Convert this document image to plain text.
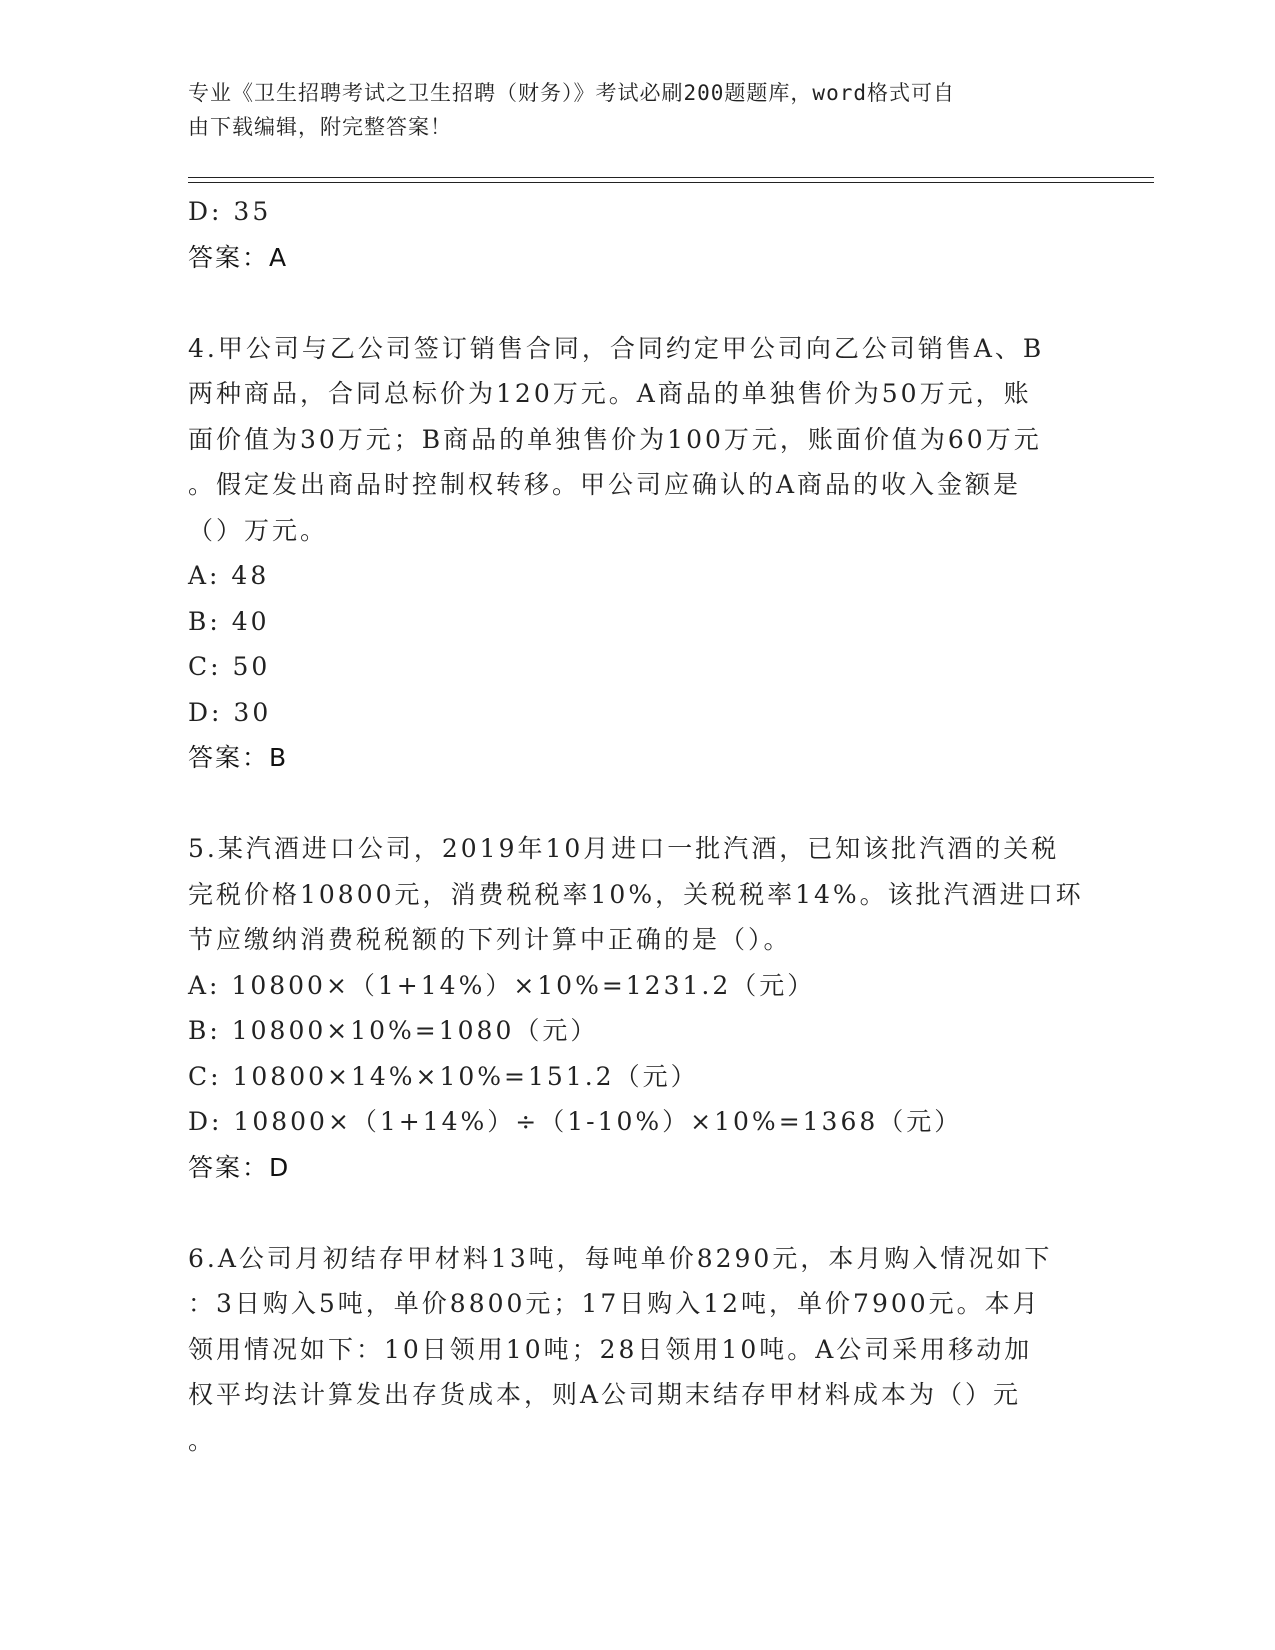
专业《卫生招聘考试之卫生招聘（财务）》考试必刷200题题库，word格式可自
由下载编辑，附完整答案！
D: 35
答案：A
4.甲公司与乙公司签订销售合同，合同约定甲公司向乙公司销售A、B
两种商品，合同总标价为120万元。A商品的单独售价为50万元，账
面价值为30万元；B商品的单独售价为100万元，账面价值为60万元
。假定发出商品时控制权转移。甲公司应确认的A商品的收入金额是
（）万元。
A: 48
B: 40
C: 50
D: 30
答案：B
5.某汽酒进口公司，2019年10月进口一批汽酒，已知该批汽酒的关税
完税价格10800元，消费税税率10%，关税税率14%。该批汽酒进口环
节应缴纳消费税税额的下列计算中正确的是（）。
A: 10800×（1+14%）×10%=1231.2（元）
B: 10800×10%=1080（元）
C: 10800×14%×10%=151.2（元）
D: 10800×（1+14%）÷（1-10%）×10%=1368（元）
答案：D
6.A公司月初结存甲材料13吨，每吨单价8290元，本月购入情况如下
：3日购入5吨，单价8800元；17日购入12吨，单价7900元。本月
领用情况如下：10日领用10吨；28日领用10吨。A公司采用移动加
权平均法计算发出存货成本，则A公司期末结存甲材料成本为（）元
。
